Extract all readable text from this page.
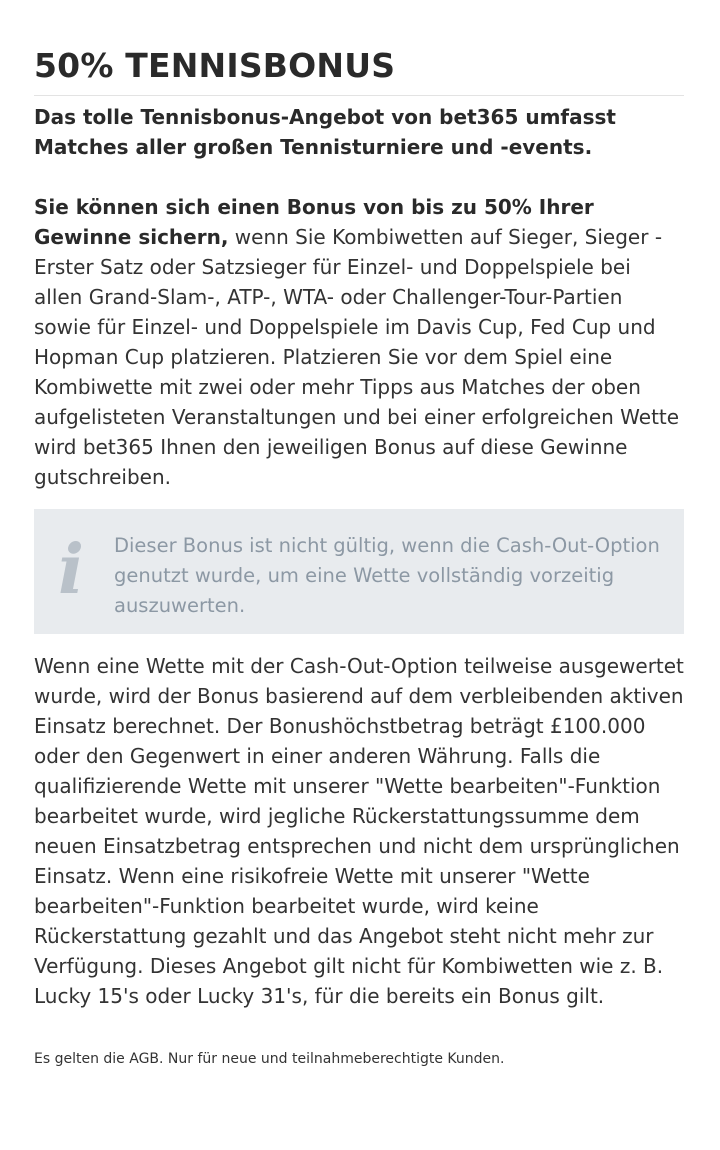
50% TENNISBONUS

Das tolle Tennisbonus-Angebot von bet365 umfasst Matches aller großen Tennisturniere und -events.

Sie können sich einen Bonus von bis zu 50% Ihrer Gewinne sichern, wenn Sie Kombiwetten auf Sieger, Sieger - Erster Satz oder Satzsieger für Einzel- und Doppelspiele bei allen Grand-Slam-, ATP-, WTA- oder Challenger-Tour-Partien sowie für Einzel- und Doppelspiele im Davis Cup, Fed Cup und Hopman Cup platzieren. Platzieren Sie vor dem Spiel eine Kombiwette mit zwei oder mehr Tipps aus Matches der oben aufgelisteten Veranstaltungen und bei einer erfolgreichen Wette wird bet365 Ihnen den jeweiligen Bonus auf diese Gewinne gutschreiben.

i Dieser Bonus ist nicht gültig, wenn die Cash-Out-Option genutzt wurde, um eine Wette vollständig vorzeitig auszuwerten.

Wenn eine Wette mit der Cash-Out-Option teilweise ausgewertet wurde, wird der Bonus basierend auf dem verbleibenden aktiven Einsatz berechnet. Der Bonushöchstbetrag beträgt £100.000 oder den Gegenwert in einer anderen Währung. Falls die qualifizierende Wette mit unserer "Wette bearbeiten"-Funktion bearbeitet wurde, wird jegliche Rückerstattungssumme dem neuen Einsatzbetrag entsprechen und nicht dem ursprünglichen Einsatz. Wenn eine risikofreie Wette mit unserer "Wette bearbeiten"-Funktion bearbeitet wurde, wird keine Rückerstattung gezahlt und das Angebot steht nicht mehr zur Verfügung. Dieses Angebot gilt nicht für Kombiwetten wie z. B. Lucky 15's oder Lucky 31's, für die bereits ein Bonus gilt.

Es gelten die AGB. Nur für neue und teilnahmeberechtigte Kunden.
